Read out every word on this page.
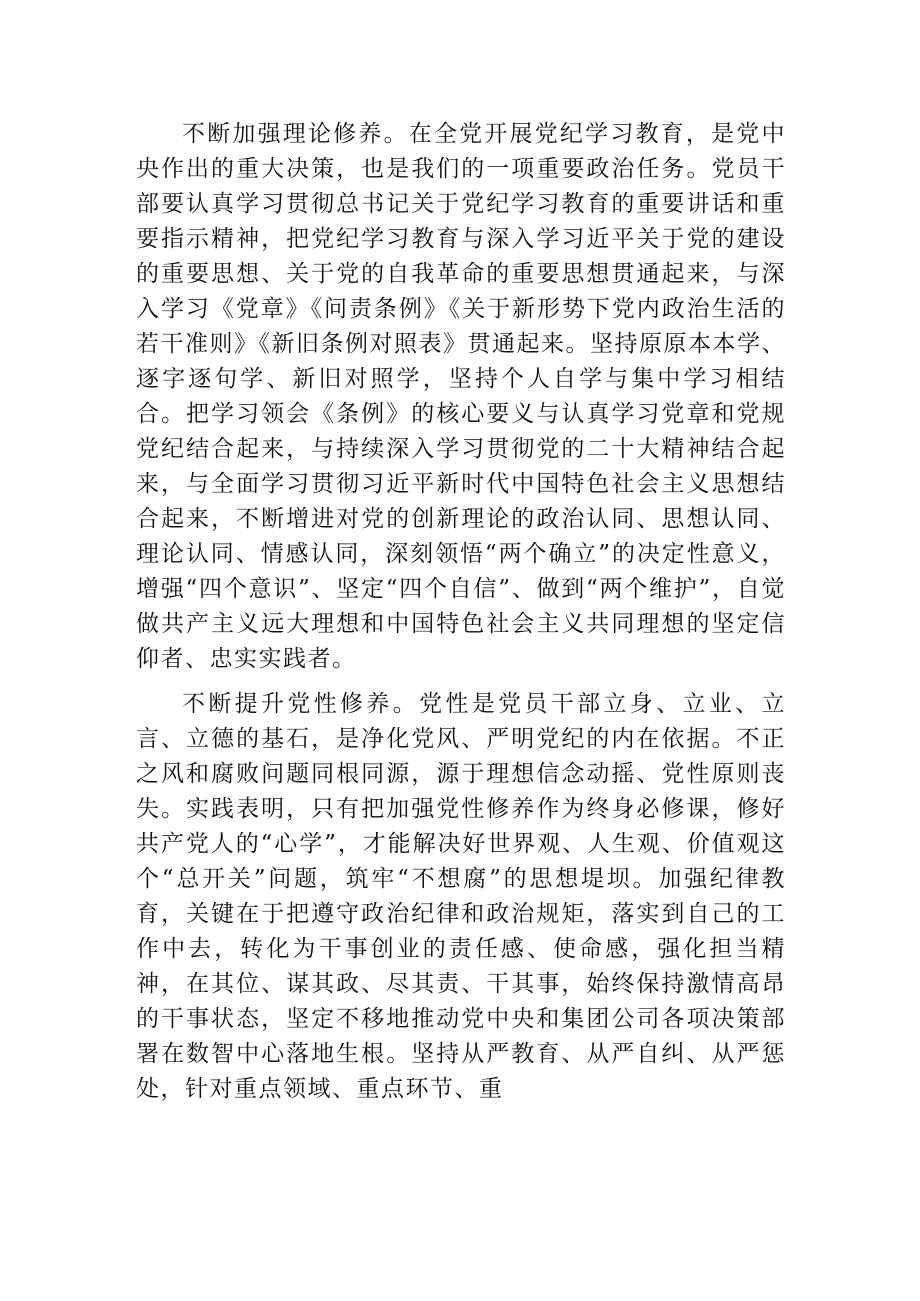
不断加强理论修养。在全党开展党纪学习教育，是党中央作出的重大决策，也是我们的一项重要政治任务。党员干部要认真学习贯彻总书记关于党纪学习教育的重要讲话和重要指示精神，把党纪学习教育与深入学习近平关于党的建设的重要思想、关于党的自我革命的重要思想贯通起来，与深入学习《党章》《问责条例》《关于新形势下党内政治生活的若干准则》《新旧条例对照表》贯通起来。坚持原原本本学、逐字逐句学、新旧对照学，坚持个人自学与集中学习相结合。把学习领会《条例》的核心要义与认真学习党章和党规党纪结合起来，与持续深入学习贯彻党的二十大精神结合起来，与全面学习贯彻习近平新时代中国特色社会主义思想结合起来，不断增进对党的创新理论的政治认同、思想认同、理论认同、情感认同，深刻领悟“两个确立”的决定性意义，增强“四个意识”、坚定“四个自信”、做到“两个维护”，自觉做共产主义远大理想和中国特色社会主义共同理想的坚定信仰者、忠实实践者。

不断提升党性修养。党性是党员干部立身、立业、立言、立德的基石，是净化党风、严明党纪的内在依据。不正之风和腐败问题同根同源，源于理想信念动摇、党性原则丧失。实践表明，只有把加强党性修养作为终身必修课，修好共产党人的“心学”，才能解决好世界观、人生观、价值观这个“总开关”问题，筑牢“不想腐”的思想堤坝。加强纪律教育，关键在于把遵守政治纪律和政治规矩，落实到自己的工作中去，转化为干事创业的责任感、使命感，强化担当精神，在其位、谋其政、尽其责、干其事，始终保持激情高昂的干事状态，坚定不移地推动党中央和集团公司各项决策部署在数智中心落地生根。坚持从严教育、从严自纠、从严惩处，针对重点领域、重点环节、重
